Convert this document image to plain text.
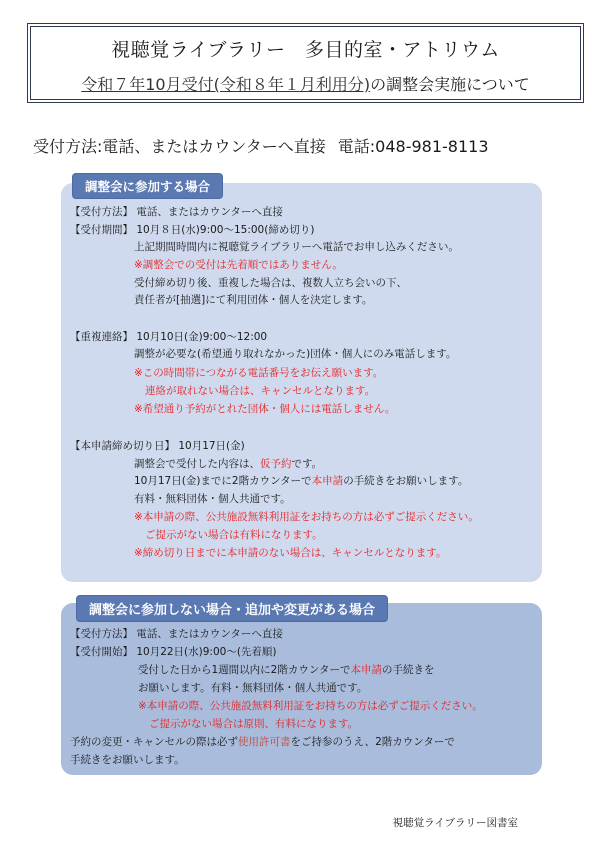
視聴覚ライブラリー　多目的室・アトリウム
令和７年10月受付(令和８年１月利用分)の調整会実施について
受付方法:電話、またはカウンターへ直接 電話:048-981-8113
調整会に参加する場合
【受付方法】 電話、またはカウンターへ直接
【受付期間】 10月８日(水)9:00～15:00(締め切り)
上記期間時間内に視聴覚ライブラリーへ電話でお申し込みください。
※調整会での受付は先着順ではありません。
受付締め切り後、重複した場合は、複数人立ち会いの下、
責任者が[抽選]にて利用団体・個人を決定します。
【重複連絡】 10月10日(金)9:00～12:00
調整が必要な(希望通り取れなかった)団体・個人にのみ電話します。
※この時間帯につながる電話番号をお伝え願います。
連絡が取れない場合は、キャンセルとなります。
※希望通り予約がとれた団体・個人には電話しません。
【本申請締め切り日】 10月17日(金)
調整会で受付した内容は、仮予約です。
10月17日(金)までに2階カウンターで本申請の手続きをお願いします。
有料・無料団体・個人共通です。
※本申請の際、公共施設無料利用証をお持ちの方は必ずご提示ください。
ご提示がない場合は有料になります。
※締め切り日までに本申請のない場合は、キャンセルとなります。
調整会に参加しない場合・追加や変更がある場合
【受付方法】 電話、またはカウンターへ直接
【受付開始】 10月22日(水)9:00～(先着順)
受付した日から1週間以内に2階カウンターで本申請の手続きを
お願いします。有料・無料団体・個人共通です。
※本申請の際、公共施設無料利用証をお持ちの方は必ずご提示ください。
ご提示がない場合は原則、有料になります。
予約の変更・キャンセルの際は必ず使用許可書をご持参のうえ、2階カウンターで
手続きをお願いします。
視聴覚ライブラリー図書室
